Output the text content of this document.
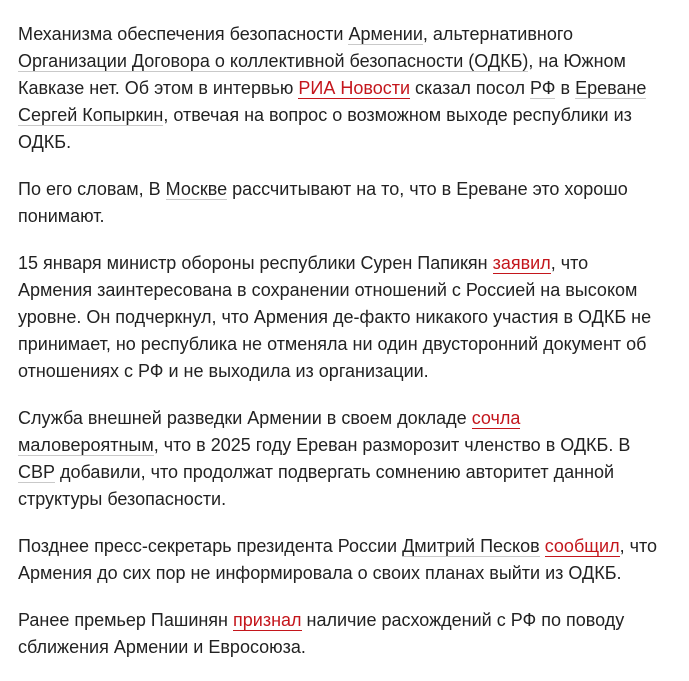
Механизма обеспечения безопасности Армении, альтернативного Организации Договора о коллективной безопасности (ОДКБ), на Южном Кавказе нет. Об этом в интервью РИА Новости сказал посол РФ в Ереване Сергей Копыркин, отвечая на вопрос о возможном выходе республики из ОДКБ.

По его словам, В Москве рассчитывают на то, что в Ереване это хорошо понимают.

15 января министр обороны республики Сурен Папикян заявил, что Армения заинтересована в сохранении отношений с Россией на высоком уровне. Он подчеркнул, что Армения де-факто никакого участия в ОДКБ не принимает, но республика не отменяла ни один двусторонний документ об отношениях с РФ и не выходила из организации.

Служба внешней разведки Армении в своем докладе сочла маловероятным, что в 2025 году Ереван разморозит членство в ОДКБ. В СВР добавили, что продолжат подвергать сомнению авторитет данной структуры безопасности.

Позднее пресс-секретарь президента России Дмитрий Песков сообщил, что Армения до сих пор не информировала о своих планах выйти из ОДКБ.

Ранее премьер Пашинян признал наличие расхождений с РФ по поводу сближения Армении и Евросоюза.
